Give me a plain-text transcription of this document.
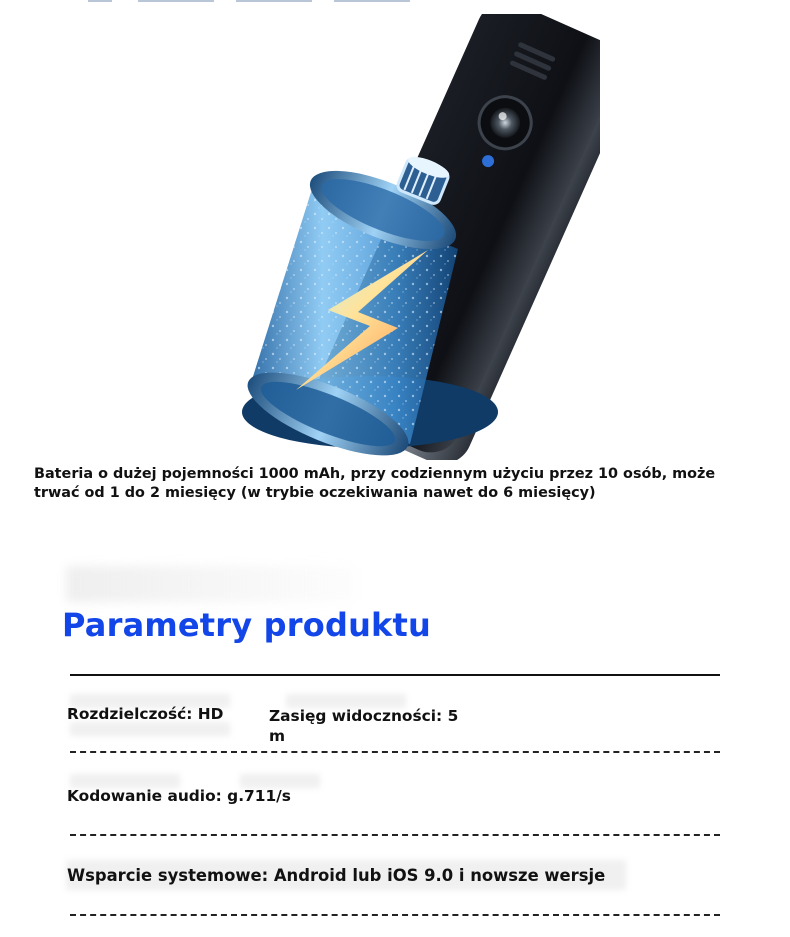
Bateria o dużej pojemności 1000 mAh, przy codziennym użyciu przez 10 osób, może trwać od 1 do 2 miesięcy (w trybie oczekiwania nawet do 6 miesięcy)
Parametry produktu
Rozdzielczość: HD	Zasięg widoczności: 5 m
Kodowanie audio: g.711/s
Wsparcie systemowe: Android lub iOS 9.0 i nowsze wersje
